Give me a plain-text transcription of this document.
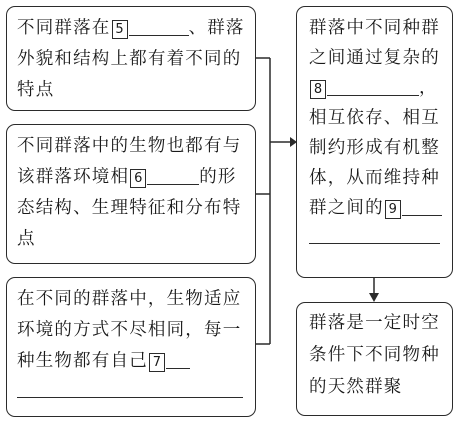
不同群落在 5	、群落外貌和结构上都有着不同的特点
不同群落中的生物也都有与该群落环境相 6	的形态结构、生理特征和分布特点
在不同的群落中，生物适应环境的方式不尽相同，每一种生物都有自己 7
群落中不同种群之间通过复杂的8	，相互依存、相互制约形成有机整体，从而维持种群之间的 9
群落是一定时空条件下不同物种的天然群聚
